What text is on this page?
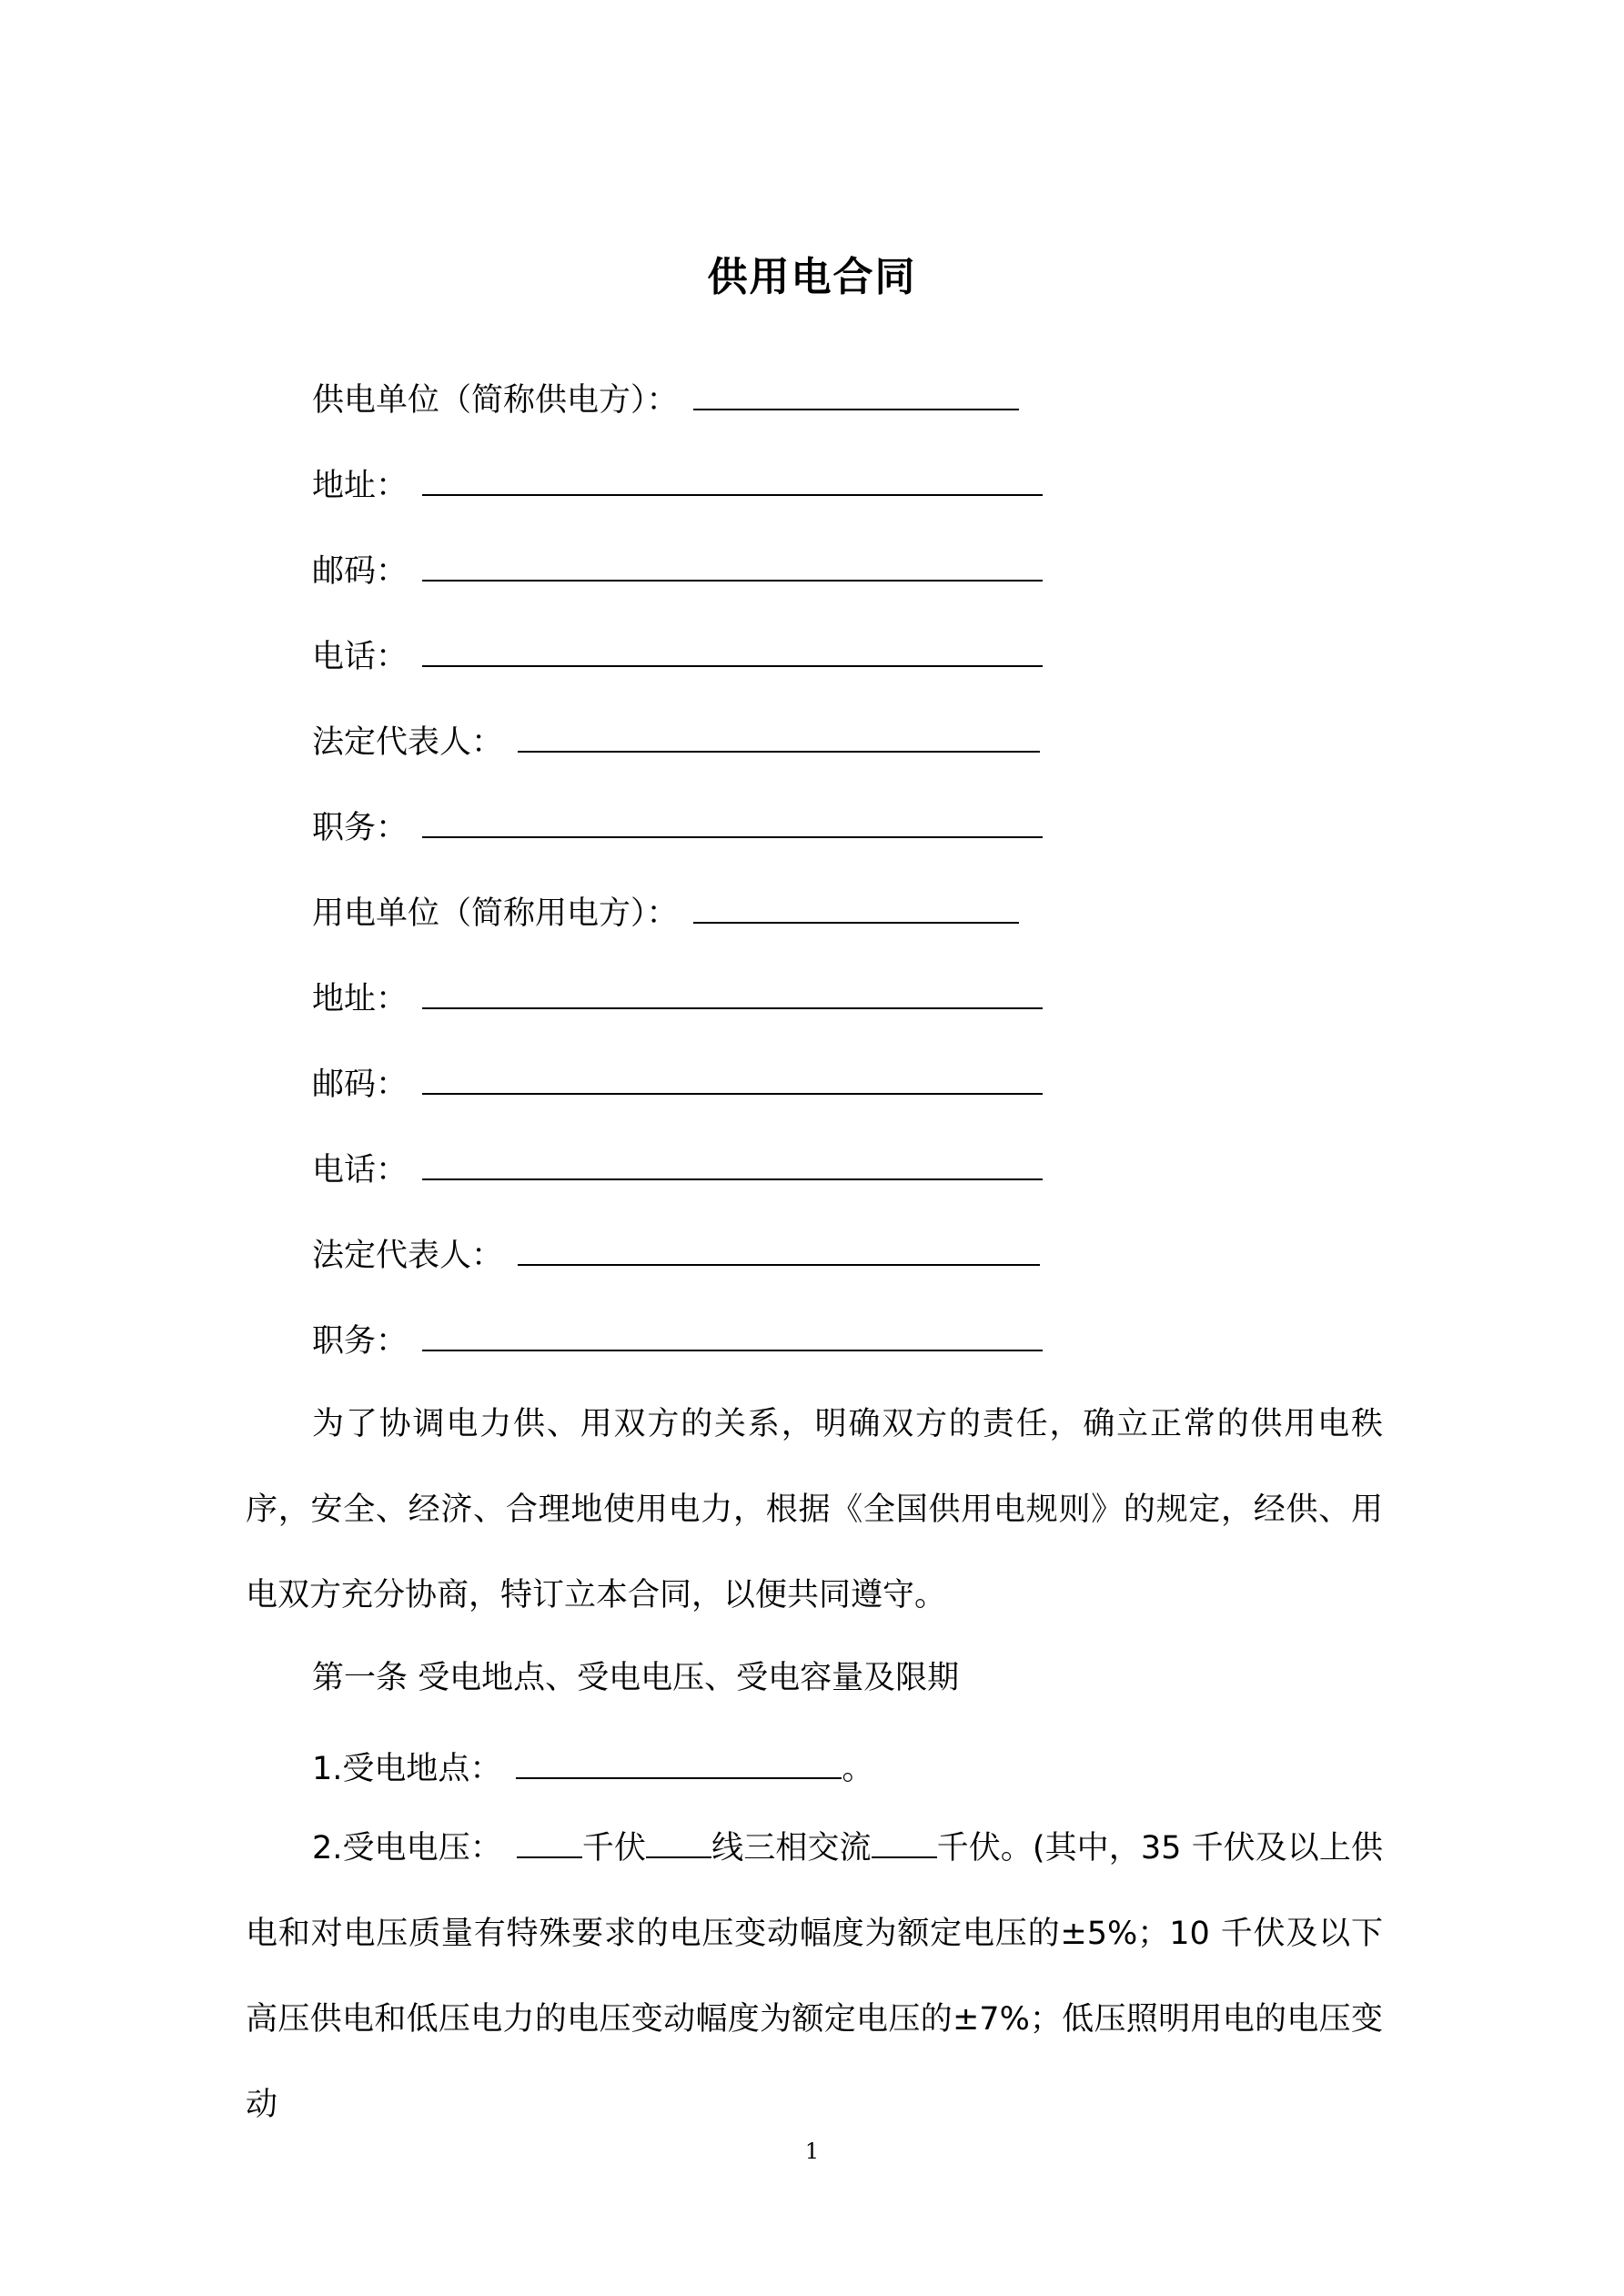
供用电合同
供电单位（简称供电方）：
地址：
邮码：
电话：
法定代表人：
职务：
用电单位（简称用电方）：
地址：
邮码：
电话：
法定代表人：
职务：
为了协调电力供、用双方的关系，明确双方的责任，确立正常的供用电秩序，安全、经济、合理地使用电力，根据《全国供用电规则》的规定，经供、用电双方充分协商，特订立本合同，以便共同遵守。
第一条 受电地点、受电电压、受电容量及限期
1.受电地点：	。
2.受电电压：	千伏 线三相交流 千伏。(其中，35 千伏及以上供电和对电压质量有特殊要求的电压变动幅度为额定电压的±5%；10 千伏及以下高压供电和低压电力的电压变动幅度为额定电压的±7%；低压照明用电的电压变动
1
